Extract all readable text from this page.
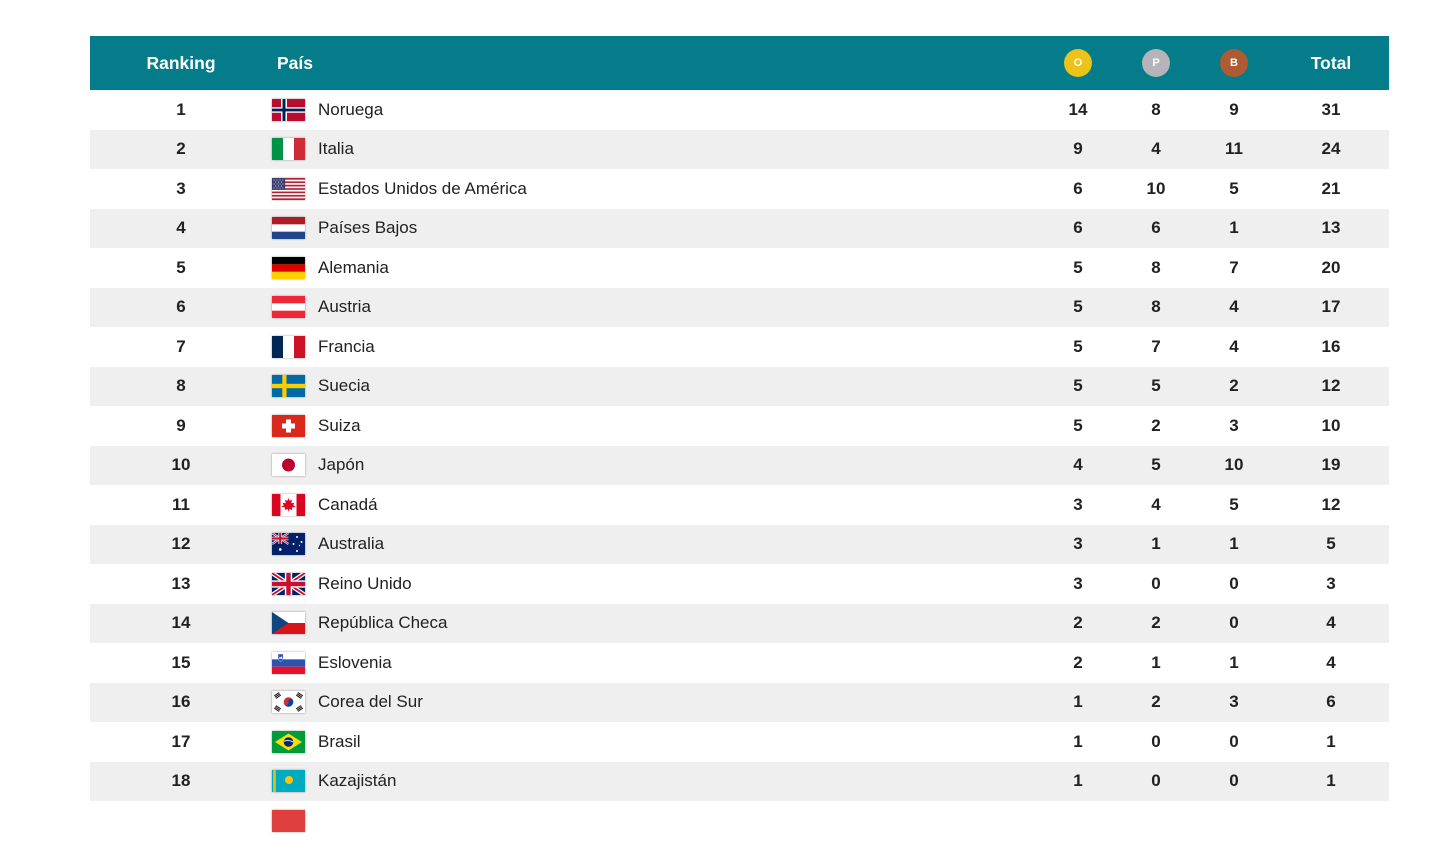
Ranking	País	O	P	B	Total
1	Noruega	14	8	9	31
2	Italia	9	4	11	24
3	Estados Unidos de América	6	10	5	21
4	Países Bajos	6	6	1	13
5	Alemania	5	8	7	20
6	Austria	5	8	4	17
7	Francia	5	7	4	16
8	Suecia	5	5	2	12
9	Suiza	5	2	3	10
10	Japón	4	5	10	19
11	Canadá	3	4	5	12
12	Australia	3	1	1	5
13	Reino Unido	3	0	0	3
14	República Checa	2	2	0	4
15	Eslovenia	2	1	1	4
16	Corea del Sur	1	2	3	6
17	Brasil	1	0	0	1
18	Kazajistán	1	0	0	1
